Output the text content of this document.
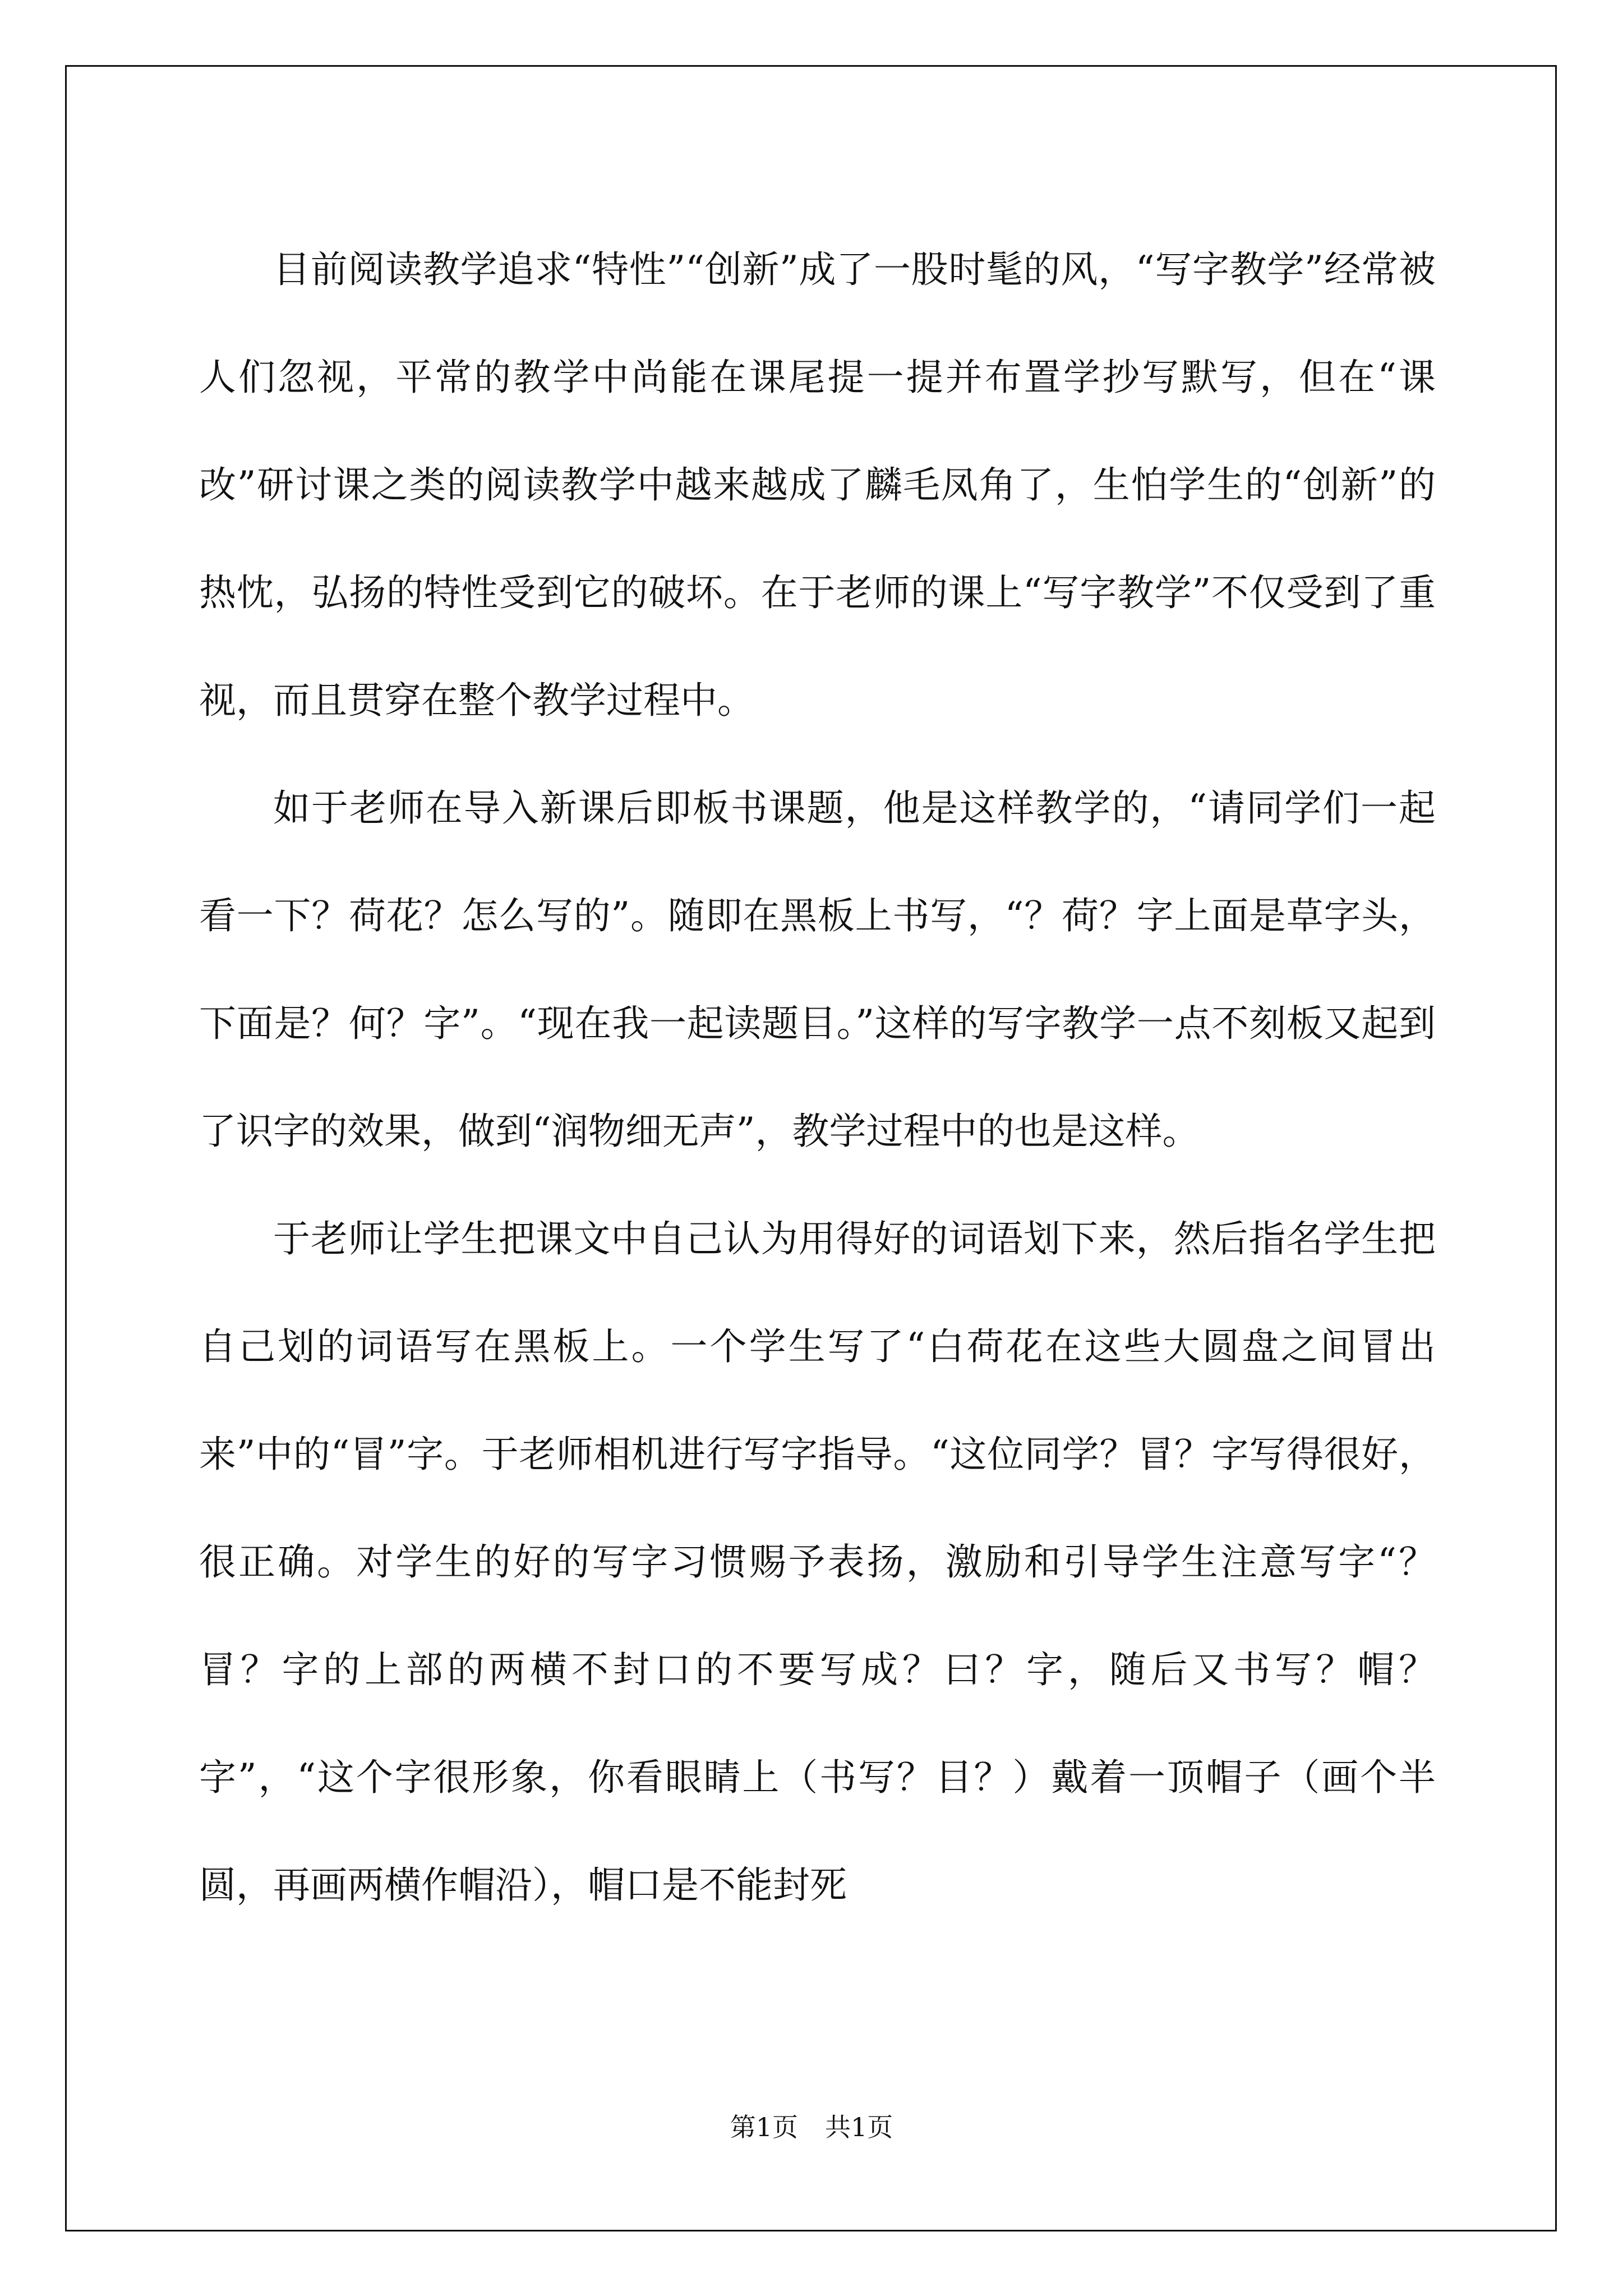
目前阅读教学追求“特性”“创新”成了一股时髦的风，“写字教学”经常被人们忽视，平常的教学中尚能在课尾提一提并布置学抄写默写，但在“课改”研讨课之类的阅读教学中越来越成了麟毛凤角了，生怕学生的“创新”的热忱，弘扬的特性受到它的破坏。在于老师的课上“写字教学”不仅受到了重视，而且贯穿在整个教学过程中。

如于老师在导入新课后即板书课题，他是这样教学的，“请同学们一起看一下？荷花？怎么写的”。随即在黑板上书写，“？荷？字上面是草字头，下面是？何？字”。“现在我一起读题目。”这样的写字教学一点不刻板又起到了识字的效果，做到“润物细无声”，教学过程中的也是这样。

于老师让学生把课文中自己认为用得好的词语划下来，然后指名学生把自己划的词语写在黑板上。一个学生写了“白荷花在这些大圆盘之间冒出来”中的“冒”字。于老师相机进行写字指导。“这位同学？冒？字写得很好，很正确。对学生的好的写字习惯赐予表扬，激励和引导学生注意写字“？冒？字的上部的两横不封口的不要写成？曰？字，随后又书写？帽？字”，“这个字很形象，你看眼睛上（书写？目？）戴着一顶帽子（画个半圆，再画两横作帽沿），帽口是不能封死

第1页 共1页
